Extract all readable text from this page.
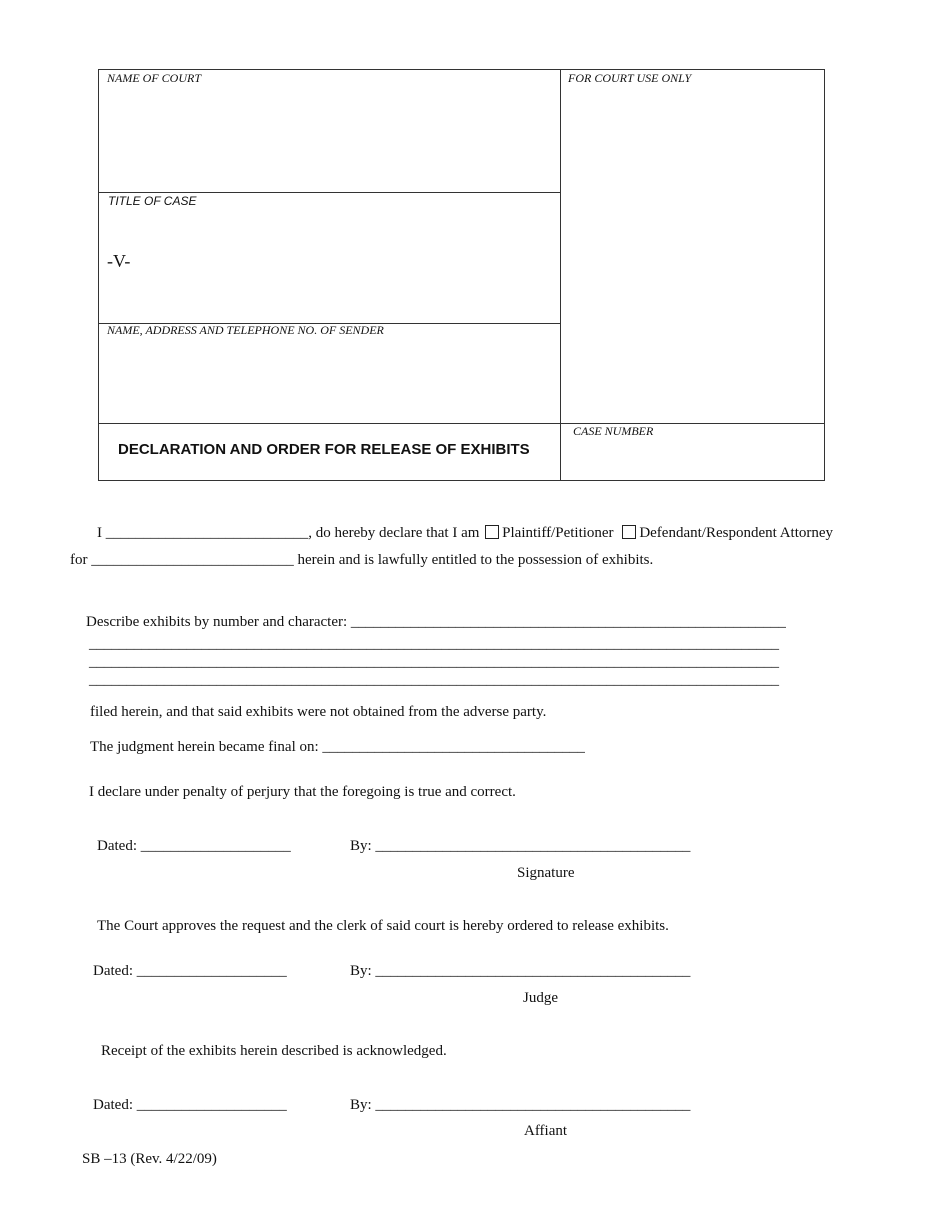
NAME OF COURT	FOR COURT USE ONLY
TITLE OF CASE
-V-
NAME, ADDRESS AND TELEPHONE NO. OF SENDER
DECLARATION AND ORDER FOR RELEASE OF EXHIBITS
CASE NUMBER
I ___________________________, do hereby declare that I am Plaintiff/Petitioner Defendant/Respondent Attorney
for ___________________________ herein and is lawfully entitled to the possession of exhibits.
Describe exhibits by number and character: __________________________________________________________
____________________________________________________________________________________________
____________________________________________________________________________________________
____________________________________________________________________________________________
filed herein, and that said exhibits were not obtained from the adverse party.
The judgment herein became final on: ___________________________________
I declare under penalty of perjury that the foregoing is true and correct.
Dated: ____________________	By: __________________________________________
Signature
The Court approves the request and the clerk of said court is hereby ordered to release exhibits.
Dated: ____________________	By: __________________________________________
Judge
Receipt of the exhibits herein described is acknowledged.
Dated: ____________________	By: __________________________________________
Affiant
SB –13 (Rev. 4/22/09)
